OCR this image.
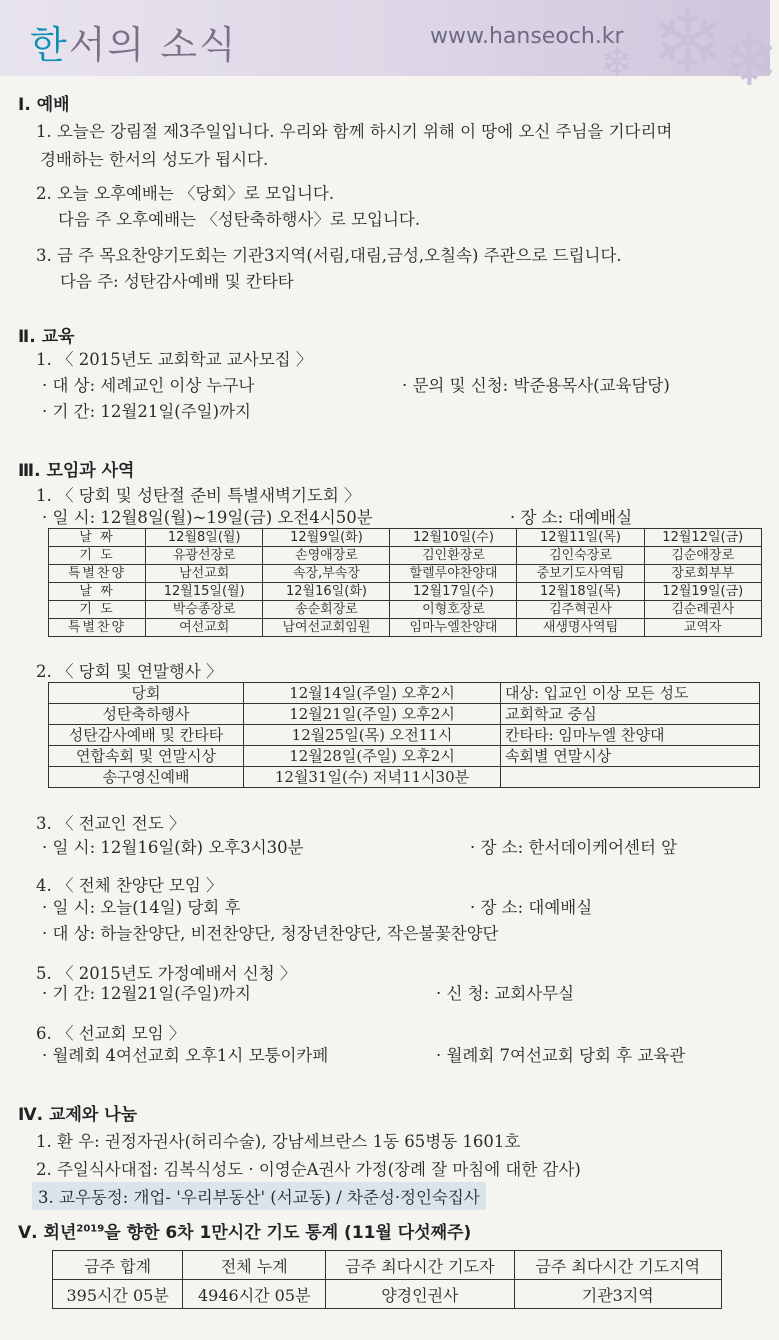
❄
❄
❄
한서의 소식	www.hanseoch.kr
Ⅰ. 예배
1. 오늘은 강림절 제3주일입니다. 우리와 함께 하시기 위해 이 땅에 오신 주님을 기다리며
경배하는 한서의 성도가 됩시다.
2. 오늘 오후예배는 〈당회〉로 모입니다.
다음 주 오후예배는 〈성탄축하행사〉로 모입니다.
3. 금 주 목요찬양기도회는 기관3지역(서림,대림,금성,오칠속) 주관으로 드립니다.
다음 주: 성탄감사예배 및 칸타타
Ⅱ. 교육
1. 〈 2015년도 교회학교 교사모집 〉
· 대 상: 세례교인 이상 누구나	· 문의 및 신청: 박준용목사(교육담당)
· 기 간: 12월21일(주일)까지
Ⅲ. 모임과 사역
1. 〈 당회 및 성탄절 준비 특별새벽기도회 〉
· 일 시: 12월8일(월)~19일(금) 오전4시50분	· 장 소: 대예배실
날 짜	12월8일(월)	12월9일(화)	12월10일(수)	12월11일(목)	12월12일(금)
기 도	유광선장로	손영애장로	김인환장로	김인숙장로	김순애장로
특별찬양	남선교회	속장,부속장	할렐루야찬양대	중보기도사역팀	장로회부부
날 짜	12월15일(월)	12월16일(화)	12월17일(수)	12월18일(목)	12월19일(금)
기 도	박승종장로	송순회장로	이형호장로	김주혁권사	김순례권사
특별찬양	여선교회	남여선교회임원	임마누엘찬양대	새생명사역팀	교역자
2. 〈 당회 및 연말행사 〉
당회	12월14일(주일) 오후2시	대상: 입교인 이상 모든 성도
성탄축하행사	12월21일(주일) 오후2시	교회학교 중심
성탄감사예배 및 칸타타	12월25일(목) 오전11시	칸타타: 임마누엘 찬양대
연합속회 및 연말시상	12월28일(주일) 오후2시	속회별 연말시상
송구영신예배	12월31일(수) 저녁11시30분	
3. 〈 전교인 전도 〉
· 일 시: 12월16일(화) 오후3시30분	· 장 소: 한서데이케어센터 앞
4. 〈 전체 찬양단 모임 〉
· 일 시: 오늘(14일) 당회 후	· 장 소: 대예배실
· 대 상: 하늘찬양단, 비전찬양단, 청장년찬양단, 작은불꽃찬양단
5. 〈 2015년도 가정예배서 신청 〉
· 기 간: 12월21일(주일)까지	· 신 청: 교회사무실
6. 〈 선교회 모임 〉
· 월례회 4여선교회 오후1시 모퉁이카페	· 월례회 7여선교회 당회 후 교육관
Ⅳ. 교제와 나눔
1. 환 우: 권정자권사(허리수술), 강남세브란스 1동 65병동 1601호
2. 주일식사대접: 김복식성도 · 이영순A권사 가정(장례 잘 마침에 대한 감사)
3. 교우동정: 개업- '우리부동산' (서교동) / 차준성·정인숙집사
Ⅴ. 회년$^{2019}$을 향한 6차 1만시간 기도 통계 (11월 다섯째주)
금주 합계	전체 누계	금주 최다시간 기도자	금주 최다시간 기도지역
395시간 05분	4946시간 05분	양경인권사	기관3지역
